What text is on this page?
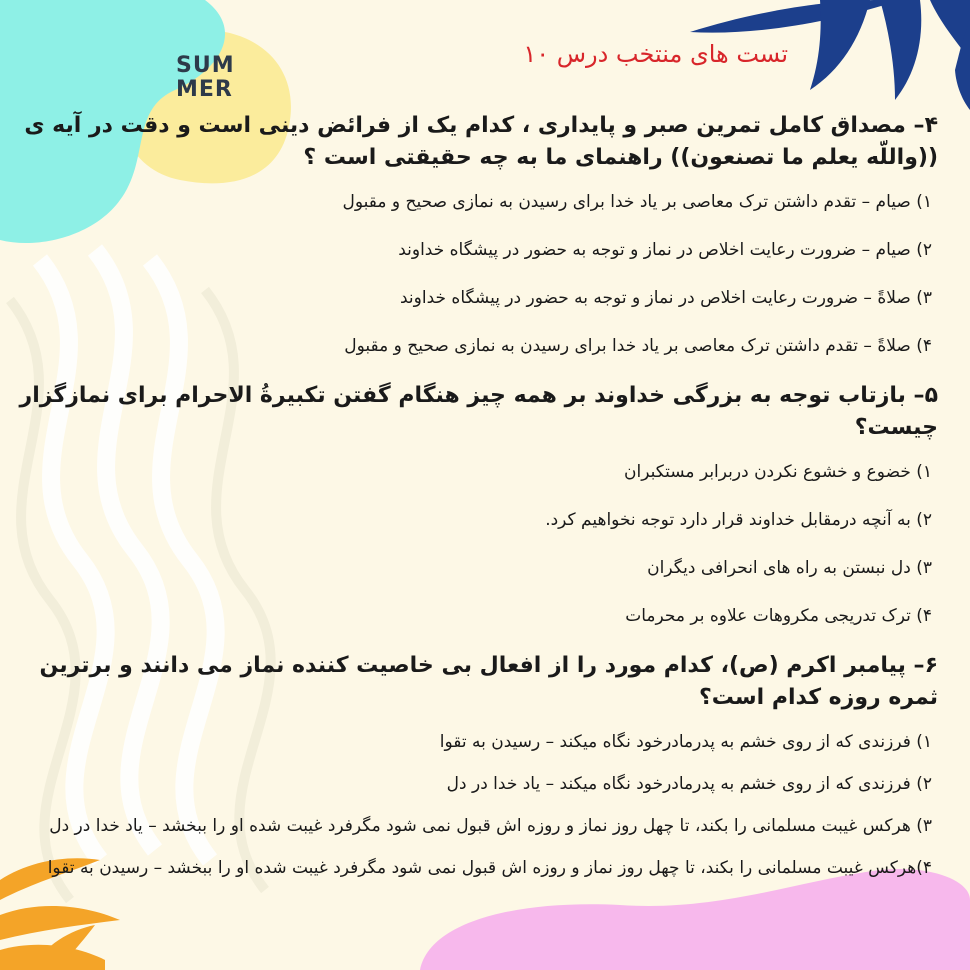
SUM
MER
تست های منتخب درس ۱۰
۴– مصداق کامل تمرین صبر و پایداری ، کدام یک از فرائض دینی است و دقت در آیه ی ((واللّه یعلم ما تصنعون)) راهنمای ما به چه حقیقتی است ؟
۱) صیام – تقدم داشتن ترک معاصی بر یاد خدا برای رسیدن به نمازی صحیح و مقبول
۲) صیام – ضرورت رعایت اخلاص در نماز و توجه به حضور در پیشگاه خداوند
۳) صلاةً – ضرورت رعایت اخلاص در نماز و توجه به حضور در پیشگاه خداوند
۴) صلاةً – تقدم داشتن ترک معاصی بر یاد خدا برای رسیدن به نمازی صحیح و مقبول
۵– بازتاب توجه به بزرگی خداوند بر همه چیز هنگام گفتن تکبیرةُ الاحرام برای نمازگزار چیست؟
۱) خضوع و خشوع نکردن دربرابر مستکبران
۲) به آنچه درمقابل خداوند قرار دارد توجه نخواهیم کرد.
۳) دل نبستن به راه های انحرافی دیگران
۴) ترک تدریجی مکروهات علاوه بر محرمات
۶– پیامبر اکرم (ص)، کدام مورد را از افعال بی خاصیت کننده نماز می دانند و برترین ثمره روزه کدام است؟
۱) فرزندی که از روی خشم به پدرمادرخود نگاه میکند – رسیدن به تقوا
۲) فرزندی که از روی خشم به پدرمادرخود نگاه میکند – یاد خدا در دل
۳) هرکس غیبت مسلمانی را بکند، تا چهل روز نماز و روزه اش قبول نمی شود مگرفرد غیبت شده او را ببخشد – یاد خدا در دل
۴)هرکس غیبت مسلمانی را بکند، تا چهل روز نماز و روزه اش قبول نمی شود مگرفرد غیبت شده او را ببخشد – رسیدن به تقوا
